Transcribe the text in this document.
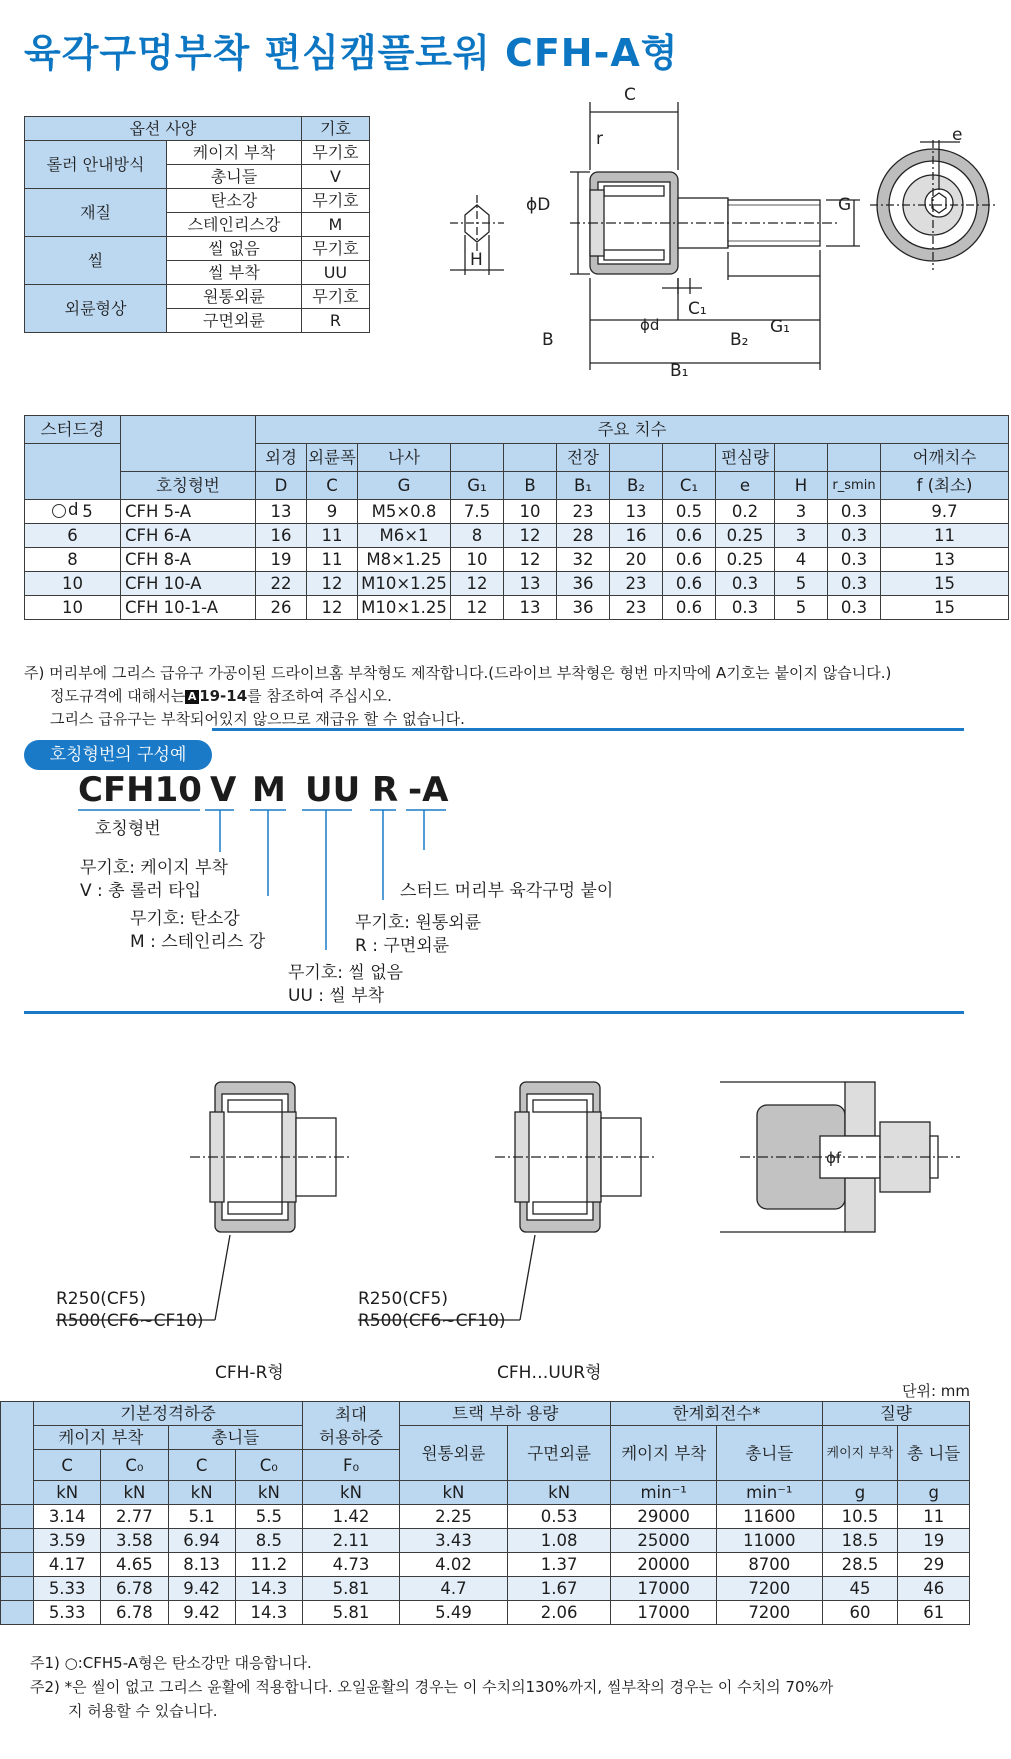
육각구멍부착 편심캠플로워 CFH-A형
옵션 사양		기호
롤러 안내방식	케이지 부착	무기호
	총니들	V
재질	탄소강	무기호
	스테인리스강	M
씰	씰 없음	무기호
	씰 부착	UU
외륜형상	원통외륜	무기호
	구면외륜	R
C
r	e
ϕD	G
H
ϕd	G₁
C₁
B	B₂
B₁
스터드경		주요 치수											
		외경	외륜폭	나사			전장			편심량			어깨치수
	호칭형번	D	C	G	G₁	B	B₁	B₂	C₁	e	H	r_smin	f (최소)
5	CFH 5-A	13	9	M5×0.8	7.5	10	23	13	0.5	0.2	3	0.3	9.7
6	CFH 6-A	16	11	M6×1	8	12	28	16	0.6	0.25	3	0.3	11
8	CFH 8-A	19	11	M8×1.25	10	12	32	20	0.6	0.25	4	0.3	13
10	CFH 10-A	22	12	M10×1.25	12	13	36	23	0.6	0.3	5	0.3	15
10	CFH 10-1-A	26	12	M10×1.25	12	13	36	23	0.6	0.3	5	0.3	15
d
주) 머리부에 그리스 급유구 가공이된 드라이브홈 부착형도 제작합니다.(드라이브 부착형은 형번 마지막에 A기호는 붙이지 않습니다.)
정도규격에 대해서는 A 19-14를 참조하여 주십시오.
그리스 급유구는 부착되어있지 않으므로 재급유 할 수 없습니다.
호칭형번의 구성예
CFH10 V M UU R -A
호칭형번
무기호: 케이지 부착
V : 총 롤러 타입
무기호: 탄소강
M : 스테인리스 강
무기호: 씰 없음
UU : 씰 부착
무기호: 원통외륜
R : 구면외륜
스터드 머리부 육각구멍 붙이
ϕf
R250(CF5)
R500(CF6~CF10)
R250(CF5)
R500(CF6~CF10)
CFH-R형	CFH…UUR형
단위: mm
	기본정격하중				최대
허용하중	트랙 부하 용량		한계회전수*		질량	
	케이지 부착		총니들			원통외륜	구면외륜	케이지 부착	총니들	케이지 부착	총 니들
	C	C₀	C	C₀	F₀						
	kN	kN	kN	kN	kN	kN	kN	min⁻¹	min⁻¹	g	g
	3.14	2.77	5.1	5.5	1.42	2.25	0.53	29000	11600	10.5	11
	3.59	3.58	6.94	8.5	2.11	3.43	1.08	25000	11000	18.5	19
	4.17	4.65	8.13	11.2	4.73	4.02	1.37	20000	8700	28.5	29
	5.33	6.78	9.42	14.3	5.81	4.7	1.67	17000	7200	45	46
	5.33	6.78	9.42	14.3	5.81	5.49	2.06	17000	7200	60	61
주1) ○:CFH5-A형은 탄소강만 대응합니다.
주2) *은 씰이 없고 그리스 윤활에 적용합니다. 오일윤활의 경우는 이 수치의130%까지, 씰부착의 경우는 이 수치의 70%까
지 허용할 수 있습니다.
